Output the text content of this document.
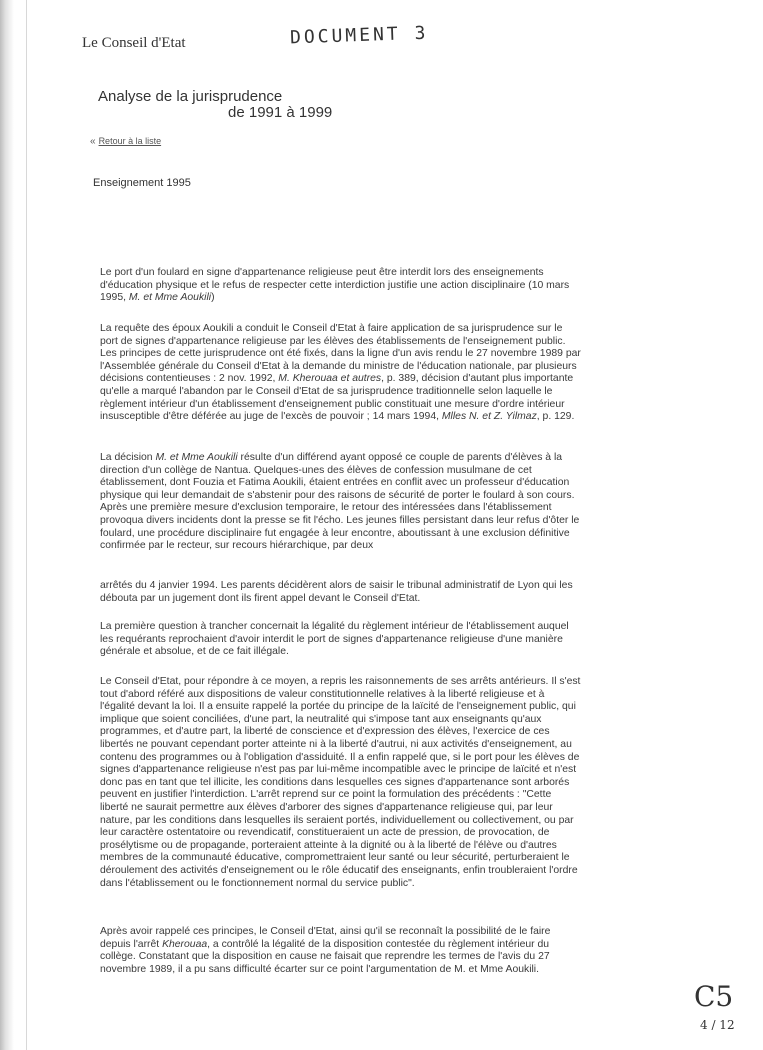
Le Conseil d'Etat	DOCUMENT 3
Analyse de la jurisprudence
de 1991 à 1999
« Retour à la liste
Enseignement 1995

Le port d'un foulard en signe d'appartenance religieuse peut être interdit lors des enseignements d'éducation physique et le refus de respecter cette interdiction justifie une action disciplinaire (10 mars 1995, M. et Mme Aoukili)

La requête des époux Aoukili a conduit le Conseil d'Etat à faire application de sa jurisprudence sur le port de signes d'appartenance religieuse par les élèves des établissements de l'enseignement public. Les principes de cette jurisprudence ont été fixés, dans la ligne d'un avis rendu le 27 novembre 1989 par l'Assemblée générale du Conseil d'Etat à la demande du ministre de l'éducation nationale, par plusieurs décisions contentieuses : 2 nov. 1992, M. Kherouaa et autres, p. 389, décision d'autant plus importante qu'elle a marqué l'abandon par le Conseil d'Etat de sa jurisprudence traditionnelle selon laquelle le règlement intérieur d'un établissement d'enseignement public constituait une mesure d'ordre intérieur insusceptible d'être déférée au juge de l'excès de pouvoir ; 14 mars 1994, Mlles N. et Z. Yilmaz, p. 129.

La décision M. et Mme Aoukili résulte d'un différend ayant opposé ce couple de parents d'élèves à la direction d'un collège de Nantua. Quelques-unes des élèves de confession musulmane de cet établissement, dont Fouzia et Fatima Aoukili, étaient entrées en conflit avec un professeur d'éducation physique qui leur demandait de s'abstenir pour des raisons de sécurité de porter le foulard à son cours. Après une première mesure d'exclusion temporaire, le retour des intéressées dans l'établissement provoqua divers incidents dont la presse se fit l'écho. Les jeunes filles persistant dans leur refus d'ôter le foulard, une procédure disciplinaire fut engagée à leur encontre, aboutissant à une exclusion définitive confirmée par le recteur, sur recours hiérarchique, par deux

arrêtés du 4 janvier 1994. Les parents décidèrent alors de saisir le tribunal administratif de Lyon qui les débouta par un jugement dont ils firent appel devant le Conseil d'Etat.

La première question à trancher concernait la légalité du règlement intérieur de l'établissement auquel les requérants reprochaient d'avoir interdit le port de signes d'appartenance religieuse d'une manière générale et absolue, et de ce fait illégale.

Le Conseil d'Etat, pour répondre à ce moyen, a repris les raisonnements de ses arrêts antérieurs. Il s'est tout d'abord référé aux dispositions de valeur constitutionnelle relatives à la liberté religieuse et à l'égalité devant la loi. Il a ensuite rappelé la portée du principe de la laïcité de l'enseignement public, qui implique que soient conciliées, d'une part, la neutralité qui s'impose tant aux enseignants qu'aux programmes, et d'autre part, la liberté de conscience et d'expression des élèves, l'exercice de ces libertés ne pouvant cependant porter atteinte ni à la liberté d'autrui, ni aux activités d'enseignement, au contenu des programmes ou à l'obligation d'assiduité. Il a enfin rappelé que, si le port pour les élèves de signes d'appartenance religieuse n'est pas par lui-même incompatible avec le principe de laïcité et n'est donc pas en tant que tel illicite, les conditions dans lesquelles ces signes d'appartenance sont arborés peuvent en justifier l'interdiction. L'arrêt reprend sur ce point la formulation des précédents : "Cette liberté ne saurait permettre aux élèves d'arborer des signes d'appartenance religieuse qui, par leur nature, par les conditions dans lesquelles ils seraient portés, individuellement ou collectivement, ou par leur caractère ostentatoire ou revendicatif, constitueraient un acte de pression, de provocation, de prosélytisme ou de propagande, porteraient atteinte à la dignité ou à la liberté de l'élève ou d'autres membres de la communauté éducative, compromettraient leur santé ou leur sécurité, perturberaient le déroulement des activités d'enseignement ou le rôle éducatif des enseignants, enfin troubleraient l'ordre dans l'établissement ou le fonctionnement normal du service public".

Après avoir rappelé ces principes, le Conseil d'Etat, ainsi qu'il se reconnaît la possibilité de le faire depuis l'arrêt Kherouaa, a contrôlé la légalité de la disposition contestée du règlement intérieur du collège. Constatant que la disposition en cause ne faisait que reprendre les termes de l'avis du 27 novembre 1989, il a pu sans difficulté écarter sur ce point l'argumentation de M. et Mme Aoukili.

C5
4 / 12
